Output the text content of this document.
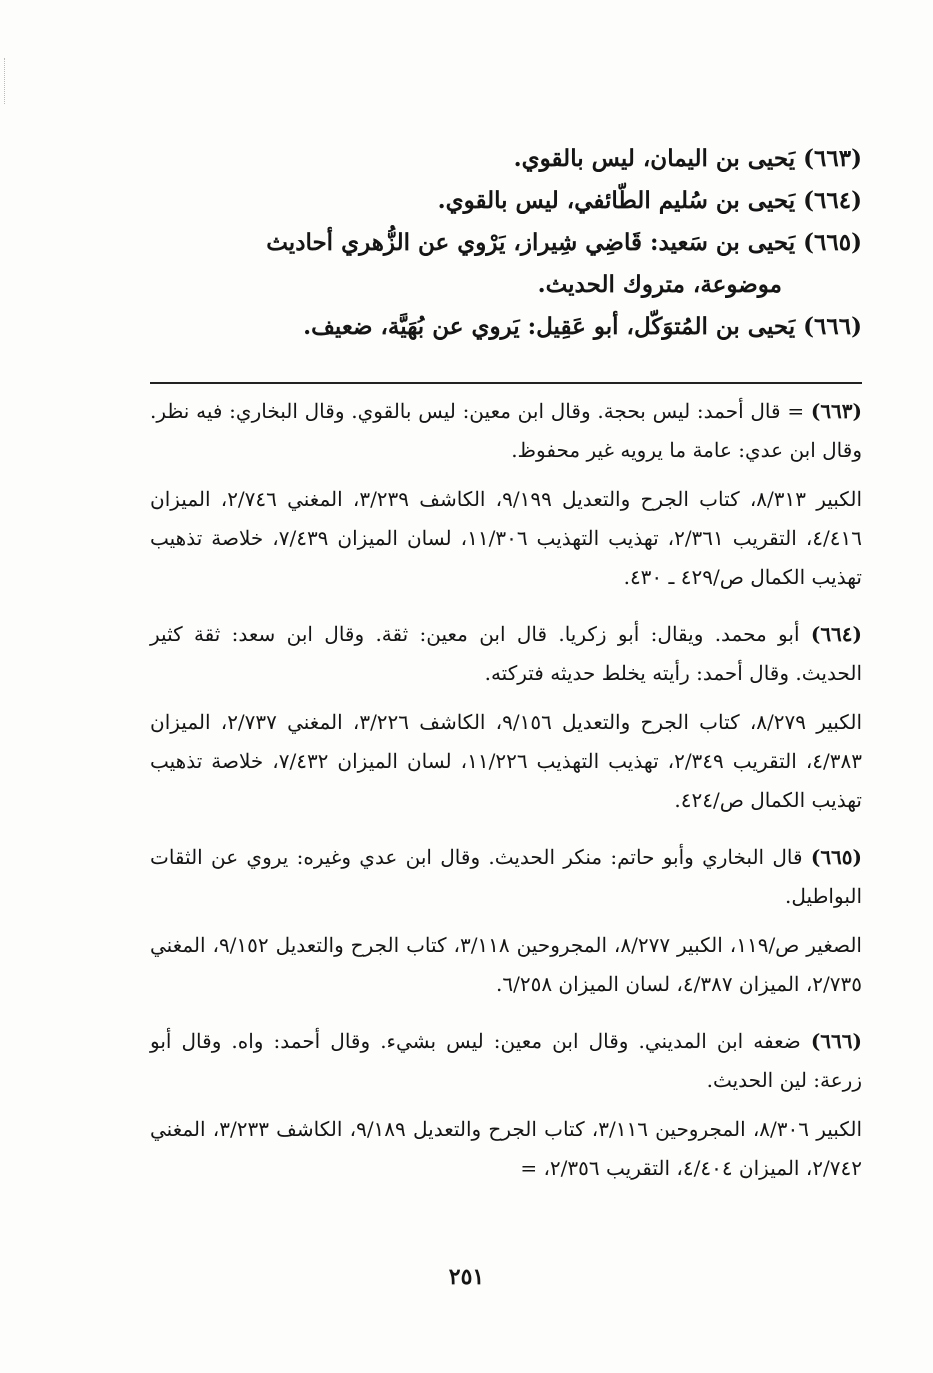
(٦٦٣) يَحيى بن اليمان، ليس بالقوي.

(٦٦٤) يَحيى بن سُليم الطّائفي، ليس بالقوي.

(٦٦٥) يَحيى بن سَعيد: قَاضِي شِيراز، يَرْوي عن الزُّهري أحاديث

موضوعة، متروك الحديث.

(٦٦٦) يَحيى بن المُتوَكّل، أبو عَقِيل: يَروي عن بُهَيَّة، ضعيف.

(٦٦٣) = قال أحمد: ليس بحجة. وقال ابن معين: ليس بالقوي. وقال البخاري: فيه نظر. وقال ابن عدي: عامة ما يرويه غير محفوظ.

الكبير ٨/٣١٣، كتاب الجرح والتعديل ٩/١٩٩، الكاشف ٣/٢٣٩، المغني ٢/٧٤٦، الميزان ٤/٤١٦، التقريب ٢/٣٦١، تهذيب التهذيب ١١/٣٠٦، لسان الميزان ٧/٤٣٩، خلاصة تذهيب تهذيب الكمال ص/٤٢٩ ـ ٤٣٠.

(٦٦٤) أبو محمد. ويقال: أبو زكريا. قال ابن معين: ثقة. وقال ابن سعد: ثقة كثير الحديث. وقال أحمد: رأيته يخلط حديثه فتركته.

الكبير ٨/٢٧٩، كتاب الجرح والتعديل ٩/١٥٦، الكاشف ٣/٢٢٦، المغني ٢/٧٣٧، الميزان ٤/٣٨٣، التقريب ٢/٣٤٩، تهذيب التهذيب ١١/٢٢٦، لسان الميزان ٧/٤٣٢، خلاصة تذهيب تهذيب الكمال ص/٤٢٤.

(٦٦٥) قال البخاري وأبو حاتم: منكر الحديث. وقال ابن عدي وغيره: يروي عن الثقات البواطيل.

الصغير ص/١١٩، الكبير ٨/٢٧٧، المجروحين ٣/١١٨، كتاب الجرح والتعديل ٩/١٥٢، المغني ٢/٧٣٥، الميزان ٤/٣٨٧، لسان الميزان ٦/٢٥٨.

(٦٦٦) ضعفه ابن المديني. وقال ابن معين: ليس بشيء. وقال أحمد: واه. وقال أبو زرعة: لين الحديث.

الكبير ٨/٣٠٦، المجروحين ٣/١١٦، كتاب الجرح والتعديل ٩/١٨٩، الكاشف ٣/٢٣٣، المغني ٢/٧٤٢، الميزان ٤/٤٠٤، التقريب ٢/٣٥٦، =

٢٥١
